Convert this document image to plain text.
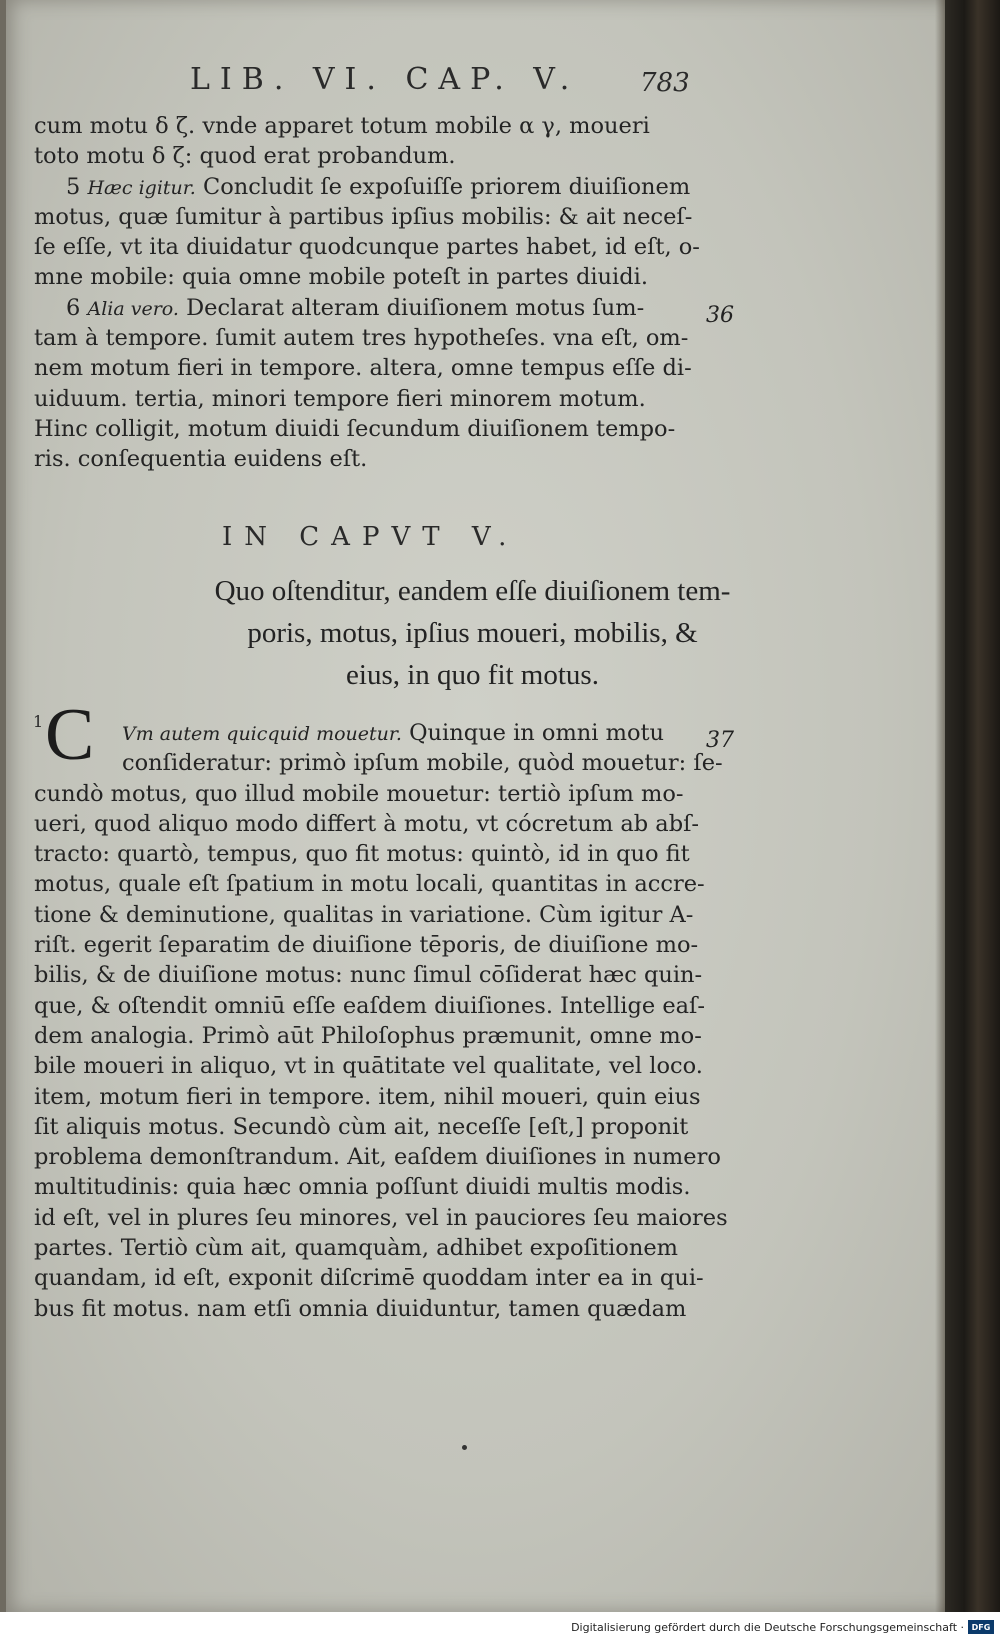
LIB. VI. CAP. V. 783
cum motu δ ζ. vnde apparet totum mobile α γ, moueri
toto motu δ ζ: quod erat probandum.
5 Hæc igitur. Concludit ſe expoſuiſſe priorem diuiſionem
motus, quæ ſumitur à partibus ipſius mobilis: & ait neceſ-
ſe eſſe, vt ita diuidatur quodcunque partes habet, id eſt, o-
mne mobile: quia omne mobile poteſt in partes diuidi.
6 Alia vero. Declarat alteram diuiſionem motus ſum-
tam à tempore. ſumit autem tres hypotheſes. vna eſt, om-
nem motum fieri in tempore. altera, omne tempus eſſe di-
uiduum. tertia, minori tempore fieri minorem motum.
Hinc colligit, motum diuidi ſecundum diuiſionem tempo-
ris. conſequentia euidens eſt.
36
IN CAPVT V.
Quo oſtenditur, eandem eſſe diuiſionem tem-
poris, motus, ipſius moueri, mobilis, &
eius, in quo fit motus.
1 C	37
Vm autem quicquid mouetur. Quinque in omni motu
conſideratur: primò ipſum mobile, quòd mouetur: ſe-
cundò motus, quo illud mobile mouetur: tertiò ipſum mo-
ueri, quod aliquo modo differt à motu, vt cócretum ab abſ-
tracto: quartò, tempus, quo fit motus: quintò, id in quo fit
motus, quale eſt ſpatium in motu locali, quantitas in accre-
tione & deminutione, qualitas in variatione. Cùm igitur A-
riſt. egerit ſeparatim de diuiſione tēporis, de diuiſione mo-
bilis, & de diuiſione motus: nunc ſimul cōſiderat hæc quin-
que, & oſtendit omniū eſſe eaſdem diuiſiones. Intellige eaſ-
dem analogia. Primò aūt Philoſophus præmunit, omne mo-
bile moueri in aliquo, vt in quātitate vel qualitate, vel loco.
item, motum fieri in tempore. item, nihil moueri, quin eius
ſit aliquis motus. Secundò cùm ait, neceſſe [eſt,] proponit
problema demonſtrandum. Ait, eaſdem diuiſiones in numero
multitudinis: quia hæc omnia poſſunt diuidi multis modis.
id eſt, vel in plures ſeu minores, vel in pauciores ſeu maiores
partes. Tertiò cùm ait, quamquàm, adhibet expoſitionem
quandam, id eſt, exponit diſcrimē quoddam inter ea in qui-
bus fit motus. nam etſi omnia diuiduntur, tamen quædam
Digitalisierung gefördert durch die Deutsche Forschungsgemeinschaft · DFG
